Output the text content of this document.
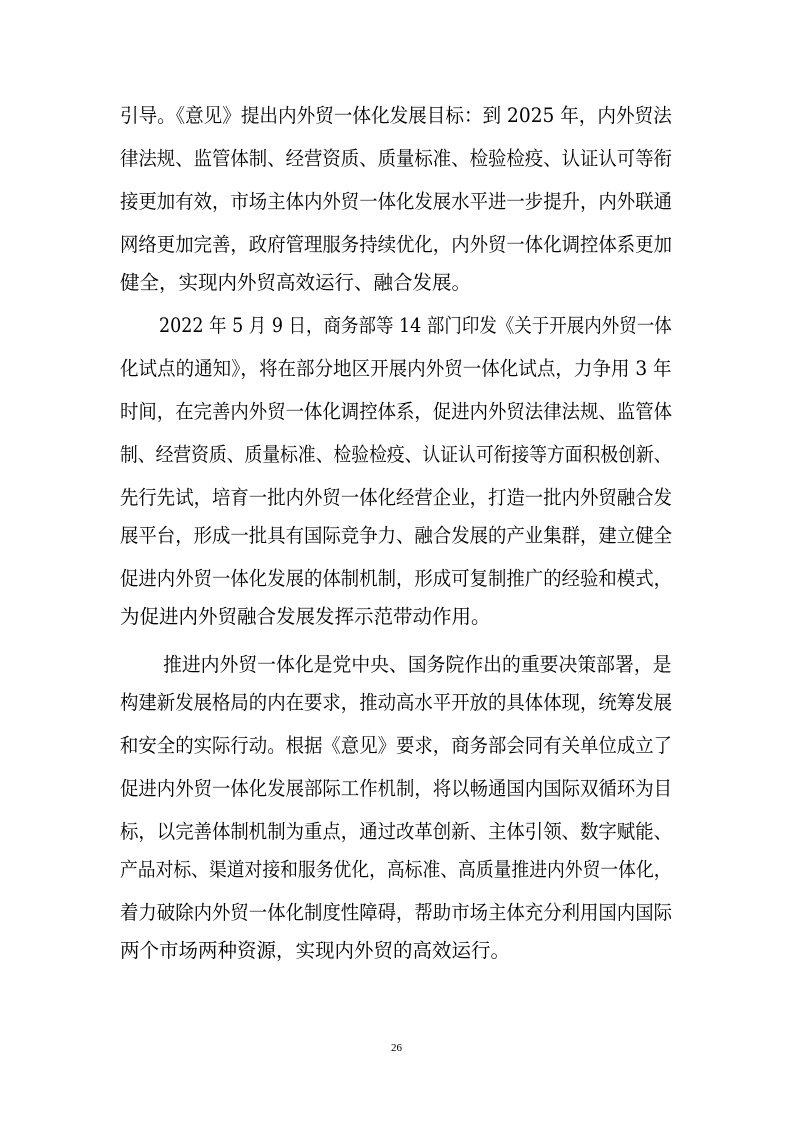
引导。《意见》提出内外贸一体化发展目标：到 2025 年，内外贸法

律法规、监管体制、经营资质、质量标准、检验检疫、认证认可等衔

接更加有效，市场主体内外贸一体化发展水平进一步提升，内外联通

网络更加完善，政府管理服务持续优化，内外贸一体化调控体系更加

健全，实现内外贸高效运行、融合发展。

2022 年 5 月 9 日，商务部等 14 部门印发《关于开展内外贸一体

化试点的通知》，将在部分地区开展内外贸一体化试点，力争用 3 年

时间，在完善内外贸一体化调控体系，促进内外贸法律法规、监管体

制、经营资质、质量标准、检验检疫、认证认可衔接等方面积极创新、

先行先试，培育一批内外贸一体化经营企业，打造一批内外贸融合发

展平台，形成一批具有国际竞争力、融合发展的产业集群，建立健全

促进内外贸一体化发展的体制机制，形成可复制推广的经验和模式，

为促进内外贸融合发展发挥示范带动作用。

推进内外贸一体化是党中央、国务院作出的重要决策部署，是

构建新发展格局的内在要求，推动高水平开放的具体体现，统筹发展

和安全的实际行动。根据《意见》要求，商务部会同有关单位成立了

促进内外贸一体化发展部际工作机制，将以畅通国内国际双循环为目

标，以完善体制机制为重点，通过改革创新、主体引领、数字赋能、

产品对标、渠道对接和服务优化，高标准、高质量推进内外贸一体化，

着力破除内外贸一体化制度性障碍，帮助市场主体充分利用国内国际

两个市场两种资源，实现内外贸的高效运行。

26
